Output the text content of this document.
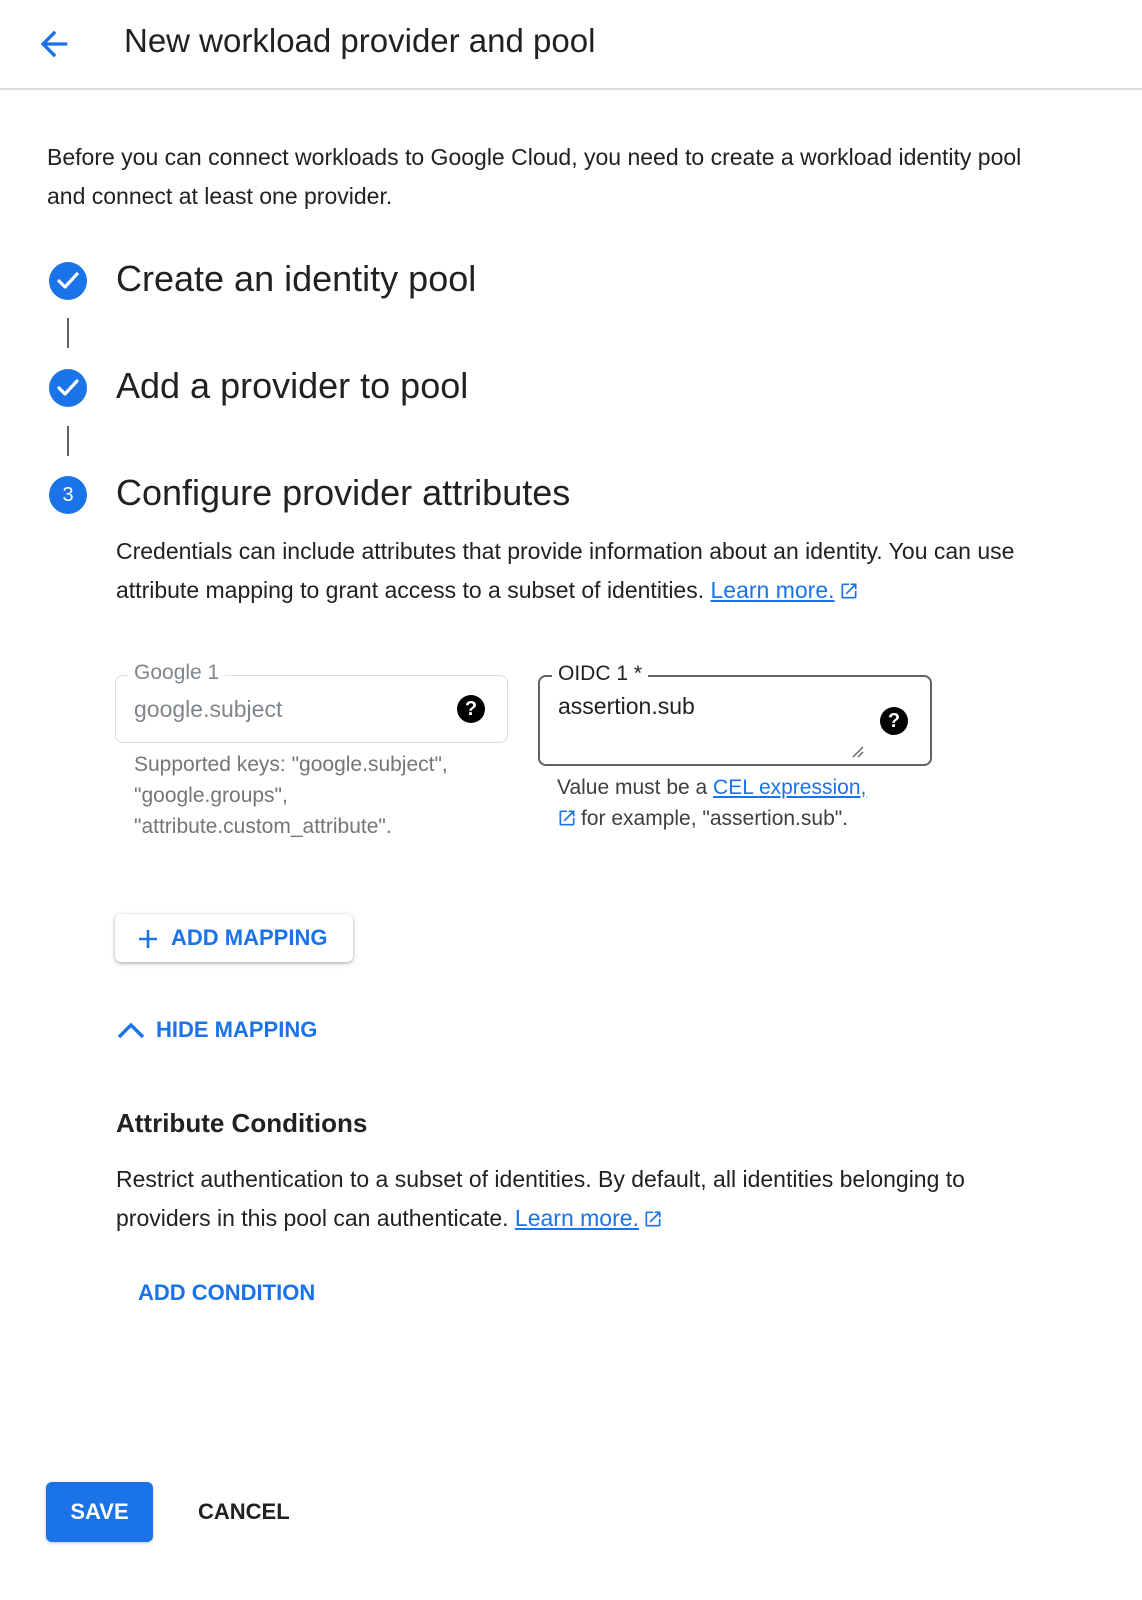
New workload provider and pool
Before you can connect workloads to Google Cloud, you need to create a workload identity pool and connect at least one provider.
Create an identity pool
Add a provider to pool
3	Configure provider attributes
Credentials can include attributes that provide information about an identity. You can use attribute mapping to grant access to a subset of identities. Learn more.
Google 1
google.subject	?
Supported keys: "google.subject", "google.groups", "attribute.custom_attribute".
OIDC 1 *
assertion.sub
?
Value must be a CEL expression,
for example, "assertion.sub".
ADD MAPPING
HIDE MAPPING
Attribute Conditions
Restrict authentication to a subset of identities. By default, all identities belonging to providers in this pool can authenticate. Learn more.
ADD CONDITION
SAVE	CANCEL
